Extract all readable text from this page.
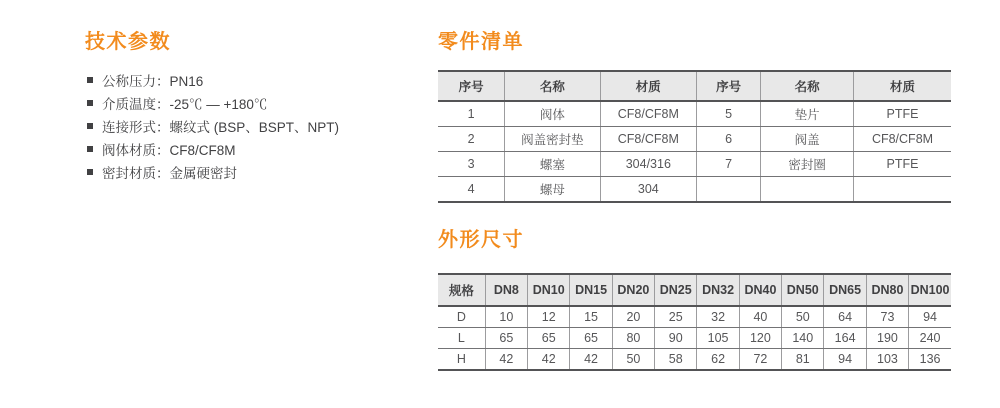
技术参数
公称压力：PN16
介质温度：-25℃ — +180℃
连接形式：螺纹式 (BSP、BSPT、NPT)
阀体材质：CF8/CF8M
密封材质：金属硬密封
零件清单
序号	名称	材质	序号	名称	材质
1	阀体	CF8/CF8M	5	垫片	PTFE
2	阀盖密封垫	CF8/CF8M	6	阀盖	CF8/CF8M
3	螺塞	304/316	7	密封圈	PTFE
4	螺母	304			
外形尺寸
规格	DN8	DN10	DN15	DN20	DN25	DN32	DN40	DN50	DN65	DN80	DN100
D	10	12	15	20	25	32	40	50	64	73	94
L	65	65	65	80	90	105	120	140	164	190	240
H	42	42	42	50	58	62	72	81	94	103	136
